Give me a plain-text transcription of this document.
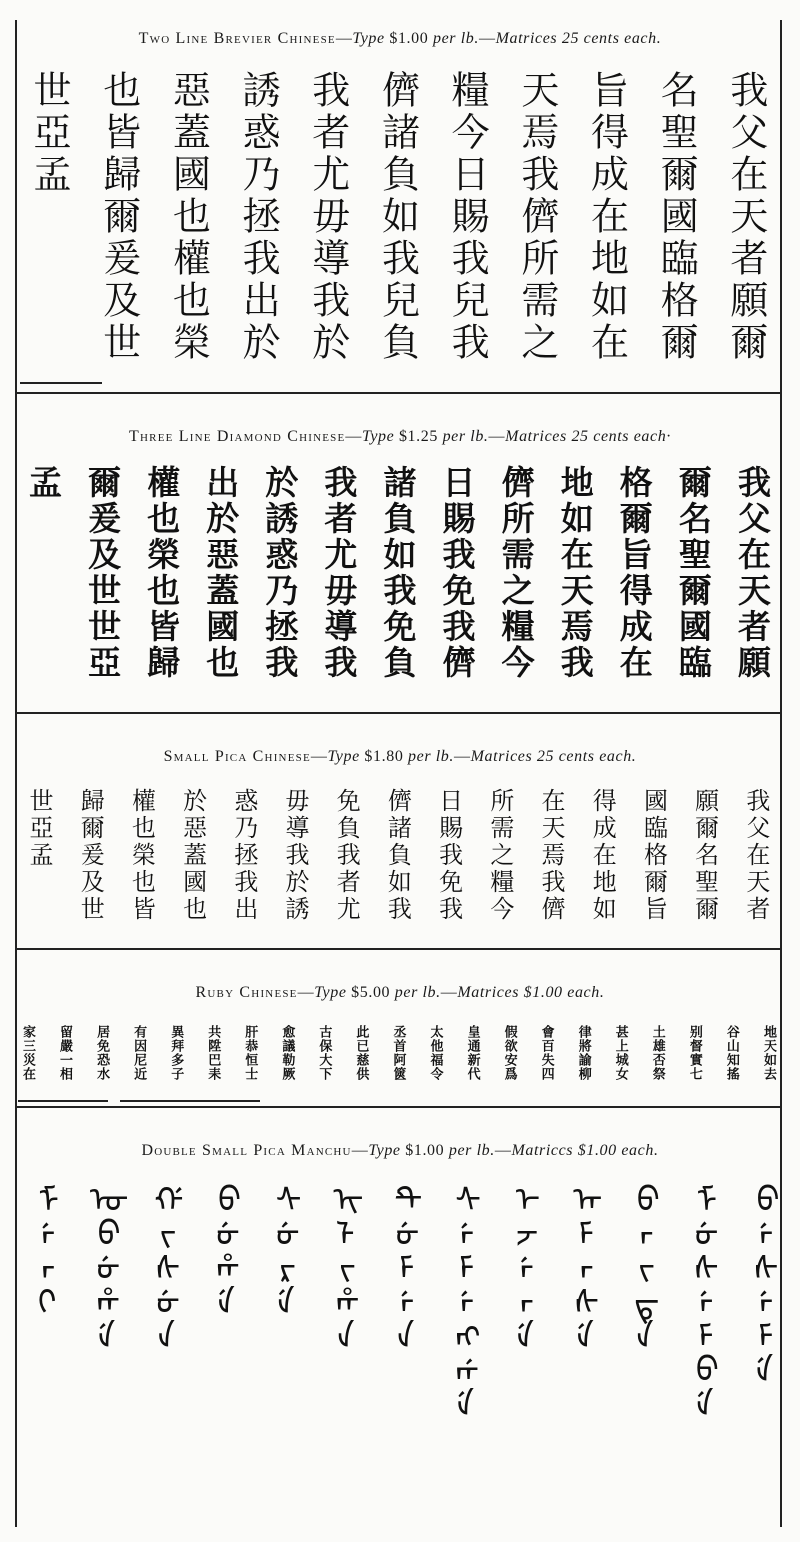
Two Line Brevier Chinese—Type $1.00 per lb.—Matrices 25 cents each.
我父在天者願爾
名聖爾國臨格爾
旨得成在地如在
天焉我儕所需之
糧今日賜我兒我
儕諸負如我兒負
我者尤毋導我於
誘惑乃拯我出於
惡蓋國也權也榮
也皆歸爾爰及世
世亞孟
Three Line Diamond Chinese—Type $1.25 per lb.—Matrices 25 cents each·
我父在天者願
爾名聖爾國臨
格爾旨得成在
地如在天焉我
儕所需之糧今
日賜我免我儕
諸負如我免負
我者尤毋導我
於誘惑乃拯我
出於惡蓋國也
權也榮也皆歸
爾爰及世世亞
孟
Small Pica Chinese—Type $1.80 per lb.—Matrices 25 cents each.
我父在天者
願爾名聖爾
國臨格爾旨
得成在地如
在天焉我儕
所需之糧今
日賜我免我
儕諸負如我
免負我者尤
毋導我於誘
惑乃拯我出
於惡蓋國也
權也榮也皆
歸爾爰及世
世亞孟
Ruby Chinese—Type $5.00 per lb.—Matrices $1.00 each.
地天如去
谷山知搖
别督實七
土雄否祭
甚上城女
律將諭柳
會百失四
假欲安爲
皇通新代
太他福令
丞首阿篋
此已慈供
古保大下
愈議勒厥
肝恭恒士
共陞巴耒
異拜多子
有因尼近
居免恐水
留嚴一相
家三災在
Double Small Pica Manchu—Type $1.00 per lb.—Matriccs $1.00 each.
ᠪᡝᠰᡝᠮᡝ
ᠮᡠᠰᡝᠮᠪᡝ
ᠪᠠᡳᡨᠠ
ᠠᠮᠠᠰᡝ
ᡝᠵᡝᠨᡝ
ᠰᡝᠮᡝᠩᡤᡝ
ᡨᡠᠮᡝᠨ
ᡳᠯᡳᡥᠠ
ᠰᡠᡵᡝ
ᠪᡠᡥᡝ
ᡤᡳᠰᡠᠨ
ᠣᠪᡠᡥᡝ
ᠮᡝᠨᡳ
